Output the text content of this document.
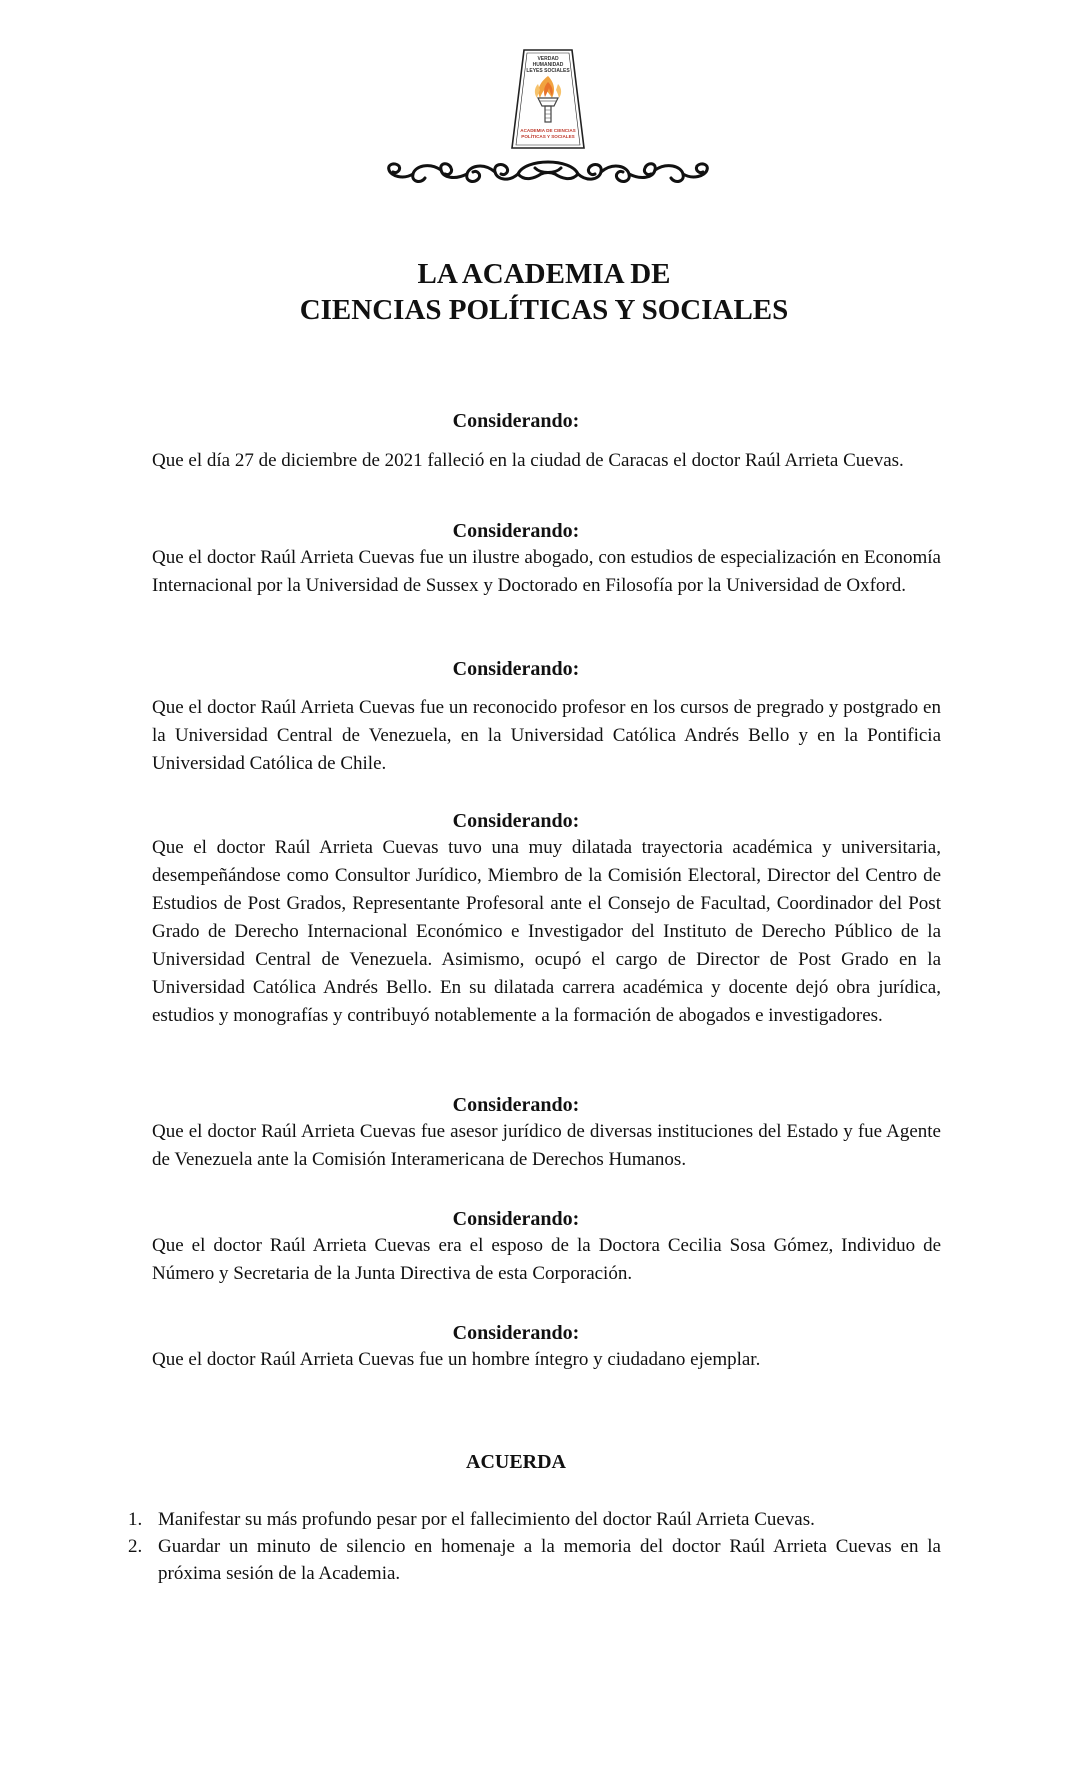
VERDAD
HUMANIDAD
LEYES SOCIALES
ACADEMIA DE CIENCIAS
POLÍTICAS Y SOCIALES
LA ACADEMIA DE
CIENCIAS POLÍTICAS Y SOCIALES
Considerando:

Que el día 27 de diciembre de 2021 falleció en la ciudad de Caracas el doctor Raúl Arrieta Cuevas.

Considerando:

Que el doctor Raúl Arrieta Cuevas fue un ilustre abogado, con estudios de especialización en Economía Internacional por la Universidad de Sussex y Doctorado en Filosofía por la Universidad de Oxford.

Considerando:

Que el doctor Raúl Arrieta Cuevas fue un reconocido profesor en los cursos de pregrado y postgrado en la Universidad Central de Venezuela, en la Universidad Católica Andrés Bello y en la Pontificia Universidad Católica de Chile.

Considerando:

Que el doctor Raúl Arrieta Cuevas tuvo una muy dilatada trayectoria académica y universitaria, desempeñándose como Consultor Jurídico, Miembro de la Comisión Electoral, Director del Centro de Estudios de Post Grados, Representante Profesoral ante el Consejo de Facultad, Coordinador del Post Grado de Derecho Internacional Económico e Investigador del Instituto de Derecho Público de la Universidad Central de Venezuela. Asimismo, ocupó el cargo de Director de Post Grado en la Universidad Católica Andrés Bello. En su dilatada carrera académica y docente dejó obra jurídica, estudios y monografías y contribuyó notablemente a la formación de abogados e investigadores.

Considerando:

Que el doctor Raúl Arrieta Cuevas fue asesor jurídico de diversas instituciones del Estado y fue Agente de Venezuela ante la Comisión Interamericana de Derechos Humanos.

Considerando:

Que el doctor Raúl Arrieta Cuevas era el esposo de la Doctora Cecilia Sosa Gómez, Individuo de Número y Secretaria de la Junta Directiva de esta Corporación.

Considerando:

Que el doctor Raúl Arrieta Cuevas fue un hombre íntegro y ciudadano ejemplar.

ACUERDA
1. Manifestar su más profundo pesar por el fallecimiento del doctor Raúl Arrieta Cuevas.
2. Guardar un minuto de silencio en homenaje a la memoria del doctor Raúl Arrieta Cuevas en la próxima sesión de la Academia.
